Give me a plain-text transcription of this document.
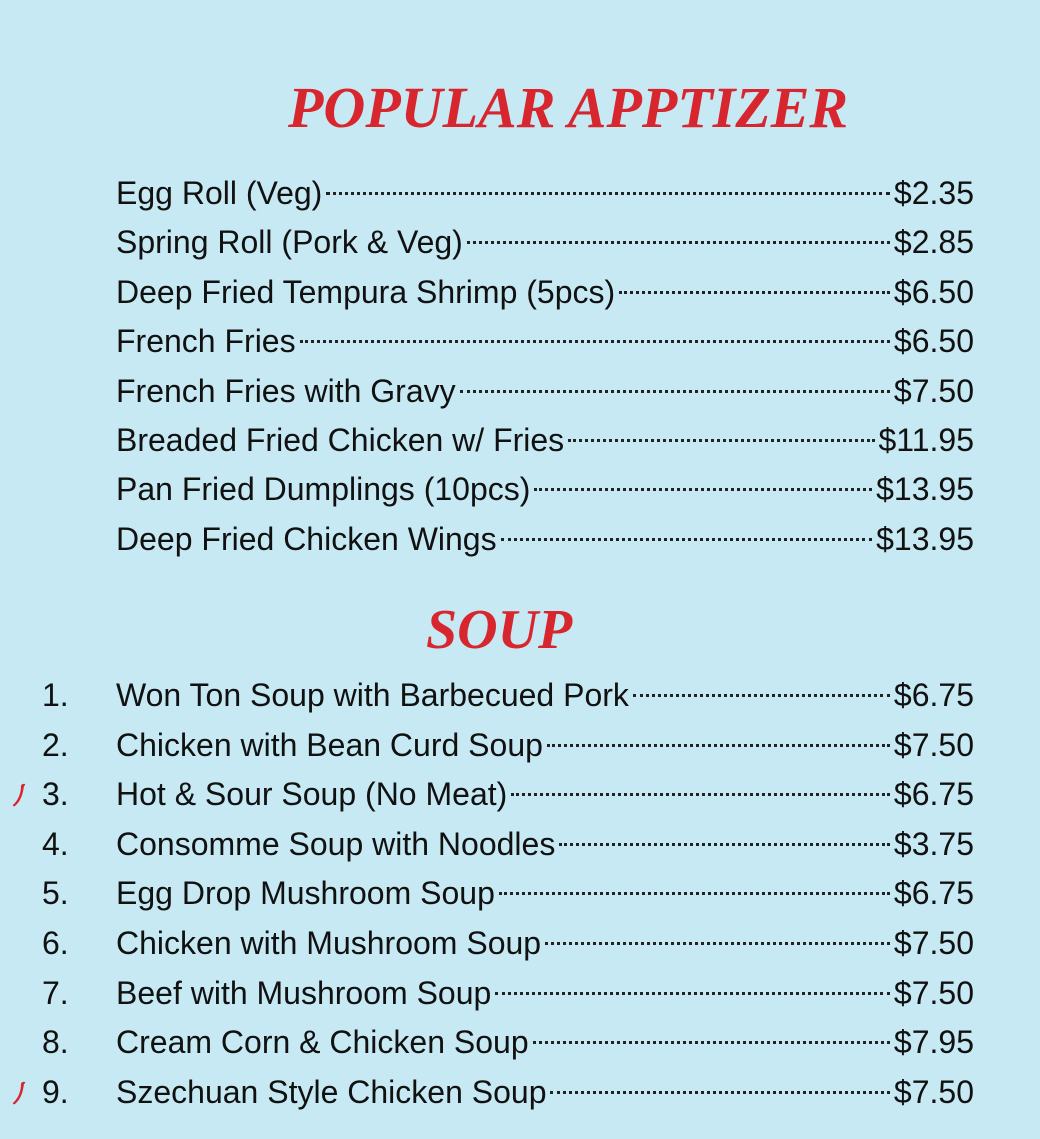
POPULAR APPTIZER
Egg Roll (Veg)	$2.35
Spring Roll (Pork & Veg)	$2.85
Deep Fried Tempura Shrimp (5pcs)	$6.50
French Fries	$6.50
French Fries with Gravy	$7.50
Breaded Fried Chicken w/ Fries	$11.95
Pan Fried Dumplings (10pcs)	$13.95
Deep Fried Chicken Wings	$13.95
SOUP
1. Won Ton Soup with Barbecued Pork	$6.75
2. Chicken with Bean Curd Soup	$7.50
3. Hot & Sour Soup (No Meat)	$6.75
4. Consomme Soup with Noodles	$3.75
5. Egg Drop Mushroom Soup	$6.75
6. Chicken with Mushroom Soup	$7.50
7. Beef with Mushroom Soup	$7.50
8. Cream Corn & Chicken Soup	$7.95
9. Szechuan Style Chicken Soup	$7.50
